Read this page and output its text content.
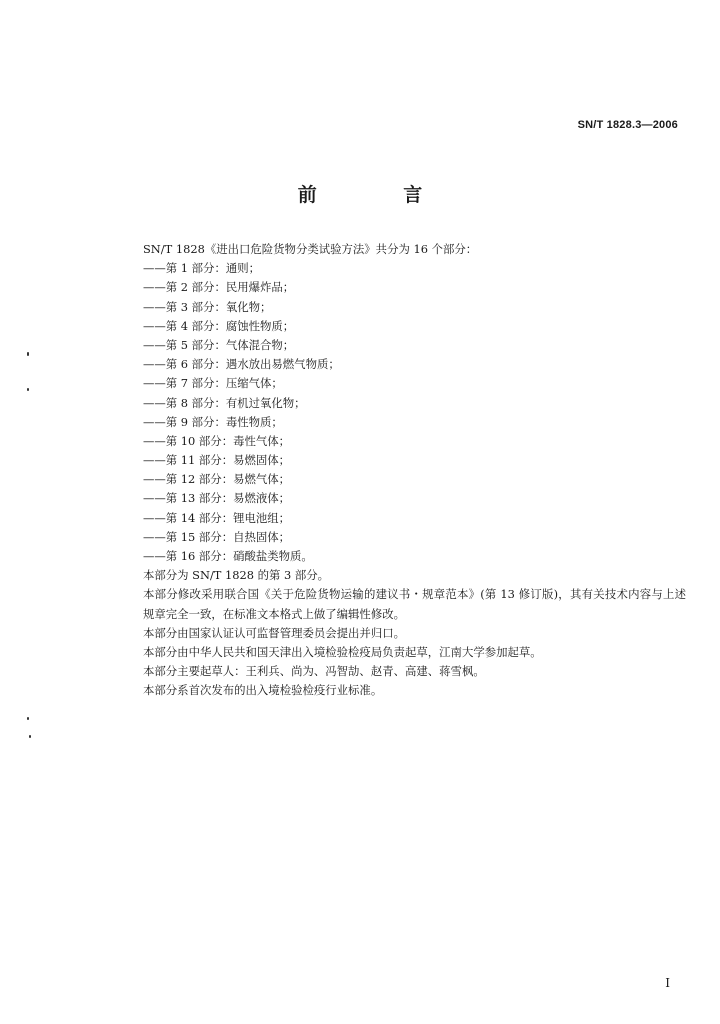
SN/T 1828.3—2006
前 言
SN/T 1828《进出口危险货物分类试验方法》共分为 16 个部分：
——第 1 部分：通则；
——第 2 部分：民用爆炸品；
——第 3 部分：氧化物；
——第 4 部分：腐蚀性物质；
——第 5 部分：气体混合物；
——第 6 部分：遇水放出易燃气物质；
——第 7 部分：压缩气体；
——第 8 部分：有机过氧化物；
——第 9 部分：毒性物质；
——第 10 部分：毒性气体；
——第 11 部分：易燃固体；
——第 12 部分：易燃气体；
——第 13 部分：易燃液体；
——第 14 部分：锂电池组；
——第 15 部分：自热固体；
——第 16 部分：硝酸盐类物质。
本部分为 SN/T 1828 的第 3 部分。
本部分修改采用联合国《关于危险货物运输的建议书・规章范本》(第 13 修订版)，其有关技术内容与上述规章完全一致，在标准文本格式上做了编辑性修改。
本部分由国家认证认可监督管理委员会提出并归口。
本部分由中华人民共和国天津出入境检验检疫局负责起草，江南大学参加起草。
本部分主要起草人：王利兵、尚为、冯智劼、赵青、高建、蒋雪枫。
本部分系首次发布的出入境检验检疫行业标准。
I
